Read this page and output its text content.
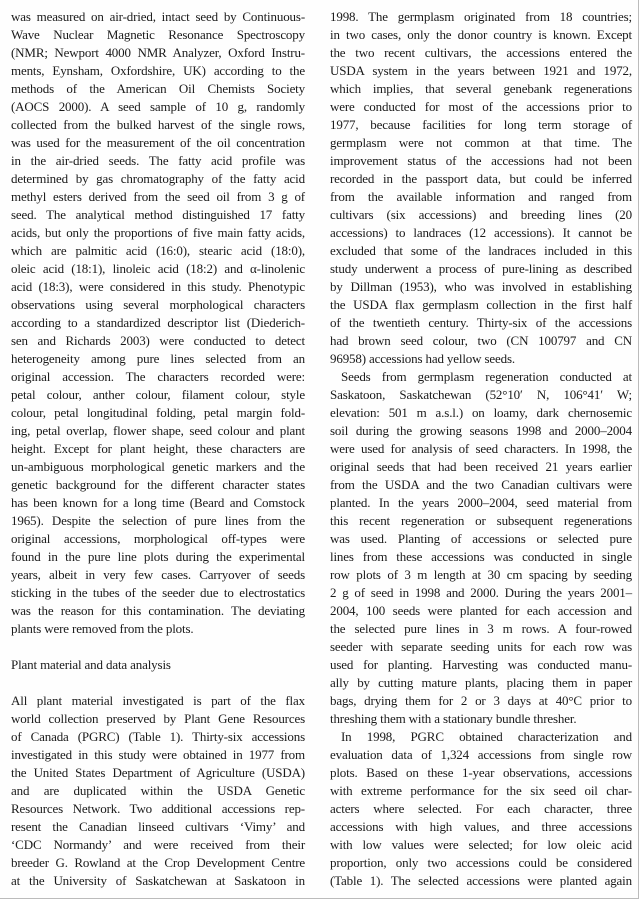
was measured on air-dried, intact seed by Continuous-
Wave Nuclear Magnetic Resonance Spectroscopy
(NMR; Newport 4000 NMR Analyzer, Oxford Instru-
ments, Eynsham, Oxfordshire, UK) according to the
methods of the American Oil Chemists Society
(AOCS 2000). A seed sample of 10 g, randomly
collected from the bulked harvest of the single rows,
was used for the measurement of the oil concentration
in the air-dried seeds. The fatty acid profile was
determined by gas chromatography of the fatty acid
methyl esters derived from the seed oil from 3 g of
seed. The analytical method distinguished 17 fatty
acids, but only the proportions of five main fatty acids,
which are palmitic acid (16:0), stearic acid (18:0),
oleic acid (18:1), linoleic acid (18:2) and α-linolenic
acid (18:3), were considered in this study. Phenotypic
observations using several morphological characters
according to a standardized descriptor list (Diederich-
sen and Richards 2003) were conducted to detect
heterogeneity among pure lines selected from an
original accession. The characters recorded were:
petal colour, anther colour, filament colour, style
colour, petal longitudinal folding, petal margin fold-
ing, petal overlap, flower shape, seed colour and plant
height. Except for plant height, these characters are
un-ambiguous morphological genetic markers and the
genetic background for the different character states
has been known for a long time (Beard and Comstock
1965). Despite the selection of pure lines from the
original accessions, morphological off-types were
found in the pure line plots during the experimental
years, albeit in very few cases. Carryover of seeds
sticking in the tubes of the seeder due to electrostatics
was the reason for this contamination. The deviating
plants were removed from the plots.
Plant material and data analysis
All plant material investigated is part of the flax
world collection preserved by Plant Gene Resources
of Canada (PGRC) (Table 1). Thirty-six accessions
investigated in this study were obtained in 1977 from
the United States Department of Agriculture (USDA)
and are duplicated within the USDA Genetic
Resources Network. Two additional accessions rep-
resent the Canadian linseed cultivars ‘Vimy’ and
‘CDC Normandy’ and were received from their
breeder G. Rowland at the Crop Development Centre
at the University of Saskatchewan at Saskatoon in
1998. The germplasm originated from 18 countries;
in two cases, only the donor country is known. Except
the two recent cultivars, the accessions entered the
USDA system in the years between 1921 and 1972,
which implies, that several genebank regenerations
were conducted for most of the accessions prior to
1977, because facilities for long term storage of
germplasm were not common at that time. The
improvement status of the accessions had not been
recorded in the passport data, but could be inferred
from the available information and ranged from
cultivars (six accessions) and breeding lines (20
accessions) to landraces (12 accessions). It cannot be
excluded that some of the landraces included in this
study underwent a process of pure-lining as described
by Dillman (1953), who was involved in establishing
the USDA flax germplasm collection in the first half
of the twentieth century. Thirty-six of the accessions
had brown seed colour, two (CN 100797 and CN
96958) accessions had yellow seeds.
Seeds from germplasm regeneration conducted at
Saskatoon, Saskatchewan (52°10′ N, 106°41′ W;
elevation: 501 m a.s.l.) on loamy, dark chernosemic
soil during the growing seasons 1998 and 2000–2004
were used for analysis of seed characters. In 1998, the
original seeds that had been received 21 years earlier
from the USDA and the two Canadian cultivars were
planted. In the years 2000–2004, seed material from
this recent regeneration or subsequent regenerations
was used. Planting of accessions or selected pure
lines from these accessions was conducted in single
row plots of 3 m length at 30 cm spacing by seeding
2 g of seed in 1998 and 2000. During the years 2001–
2004, 100 seeds were planted for each accession and
the selected pure lines in 3 m rows. A four-rowed
seeder with separate seeding units for each row was
used for planting. Harvesting was conducted manu-
ally by cutting mature plants, placing them in paper
bags, drying them for 2 or 3 days at 40°C prior to
threshing them with a stationary bundle thresher.
In 1998, PGRC obtained characterization and
evaluation data of 1,324 accessions from single row
plots. Based on these 1-year observations, accessions
with extreme performance for the six seed oil char-
acters where selected. For each character, three
accessions with high values, and three accessions
with low values were selected; for low oleic acid
proportion, only two accessions could be considered
(Table 1). The selected accessions were planted again
